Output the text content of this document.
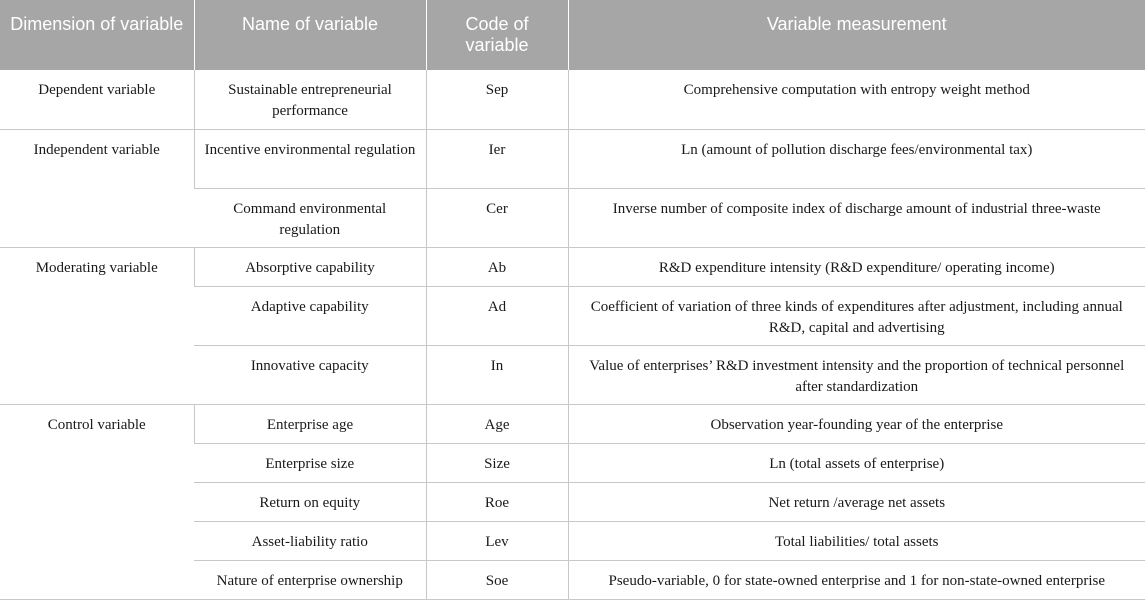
Dimension of variable	Name of variable	Code of variable	Variable measurement
Dependent variable	Sustainable entrepreneurial performance	Sep	Comprehensive computation with entropy weight method
Independent variable	Incentive environmental regulation	Ier	Ln (amount of pollution discharge fees/environmental tax)
	Command environmental regulation	Cer	Inverse number of composite index of discharge amount of industrial three-waste
Moderating variable	Absorptive capability	Ab	R&D expenditure intensity (R&D expenditure/ operating income)
	Adaptive capability	Ad	Coefficient of variation of three kinds of expenditures after adjustment, including annual R&D, capital and advertising
	Innovative capacity	In	Value of enterprises’ R&D investment intensity and the proportion of technical personnel after standardization
Control variable	Enterprise age	Age	Observation year-founding year of the enterprise
	Enterprise size	Size	Ln (total assets of enterprise)
	Return on equity	Roe	Net return /average net assets
	Asset-liability ratio	Lev	Total liabilities/ total assets
	Nature of enterprise ownership	Soe	Pseudo-variable, 0 for state-owned enterprise and 1 for non-state-owned enterprise
